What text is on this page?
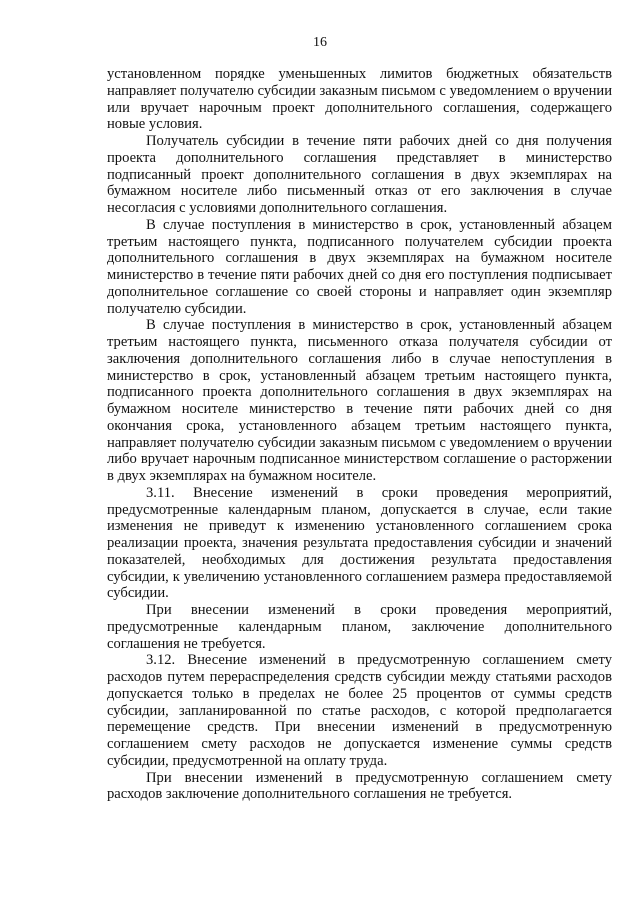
16

установленном порядке уменьшенных лимитов бюджетных обязательств направляет получателю субсидии заказным письмом с уведомлением о вручении или вручает нарочным проект дополнительного соглашения, содержащего новые условия.

Получатель субсидии в течение пяти рабочих дней со дня получения проекта дополнительного соглашения представляет в министерство подписанный проект дополнительного соглашения в двух экземплярах на бумажном носителе либо письменный отказ от его заключения в случае несогласия с условиями дополнительного соглашения.

В случае поступления в министерство в срок, установленный абзацем третьим настоящего пункта, подписанного получателем субсидии проекта дополнительного соглашения в двух экземплярах на бумажном носителе министерство в течение пяти рабочих дней со дня его поступления подписывает дополнительное соглашение со своей стороны и направляет один экземпляр получателю субсидии.

В случае поступления в министерство в срок, установленный абзацем третьим настоящего пункта, письменного отказа получателя субсидии от заключения дополнительного соглашения либо в случае непоступления в министерство в срок, установленный абзацем третьим настоящего пункта, подписанного проекта дополнительного соглашения в двух экземплярах на бумажном носителе министерство в течение пяти рабочих дней со дня окончания срока, установленного абзацем третьим настоящего пункта, направляет получателю субсидии заказным письмом с уведомлением о вручении либо вручает нарочным подписанное министерством соглашение о расторжении в двух экземплярах на бумажном носителе.

3.11. Внесение изменений в сроки проведения мероприятий, предусмотренные календарным планом, допускается в случае, если такие изменения не приведут к изменению установленного соглашением срока реализации проекта, значения результата предоставления субсидии и значений показателей, необходимых для достижения результата предоставления субсидии, к увеличению установленного соглашением размера предоставляемой субсидии.

При внесении изменений в сроки проведения мероприятий, предусмотренные календарным планом, заключение дополнительного соглашения не требуется.

3.12. Внесение изменений в предусмотренную соглашением смету расходов путем перераспределения средств субсидии между статьями расходов допускается только в пределах не более 25 процентов от суммы средств субсидии, запланированной по статье расходов, с которой предполагается перемещение средств. При внесении изменений в предусмотренную соглашением смету расходов не допускается изменение суммы средств субсидии, предусмотренной на оплату труда.

При внесении изменений в предусмотренную соглашением смету расходов заключение дополнительного соглашения не требуется.
